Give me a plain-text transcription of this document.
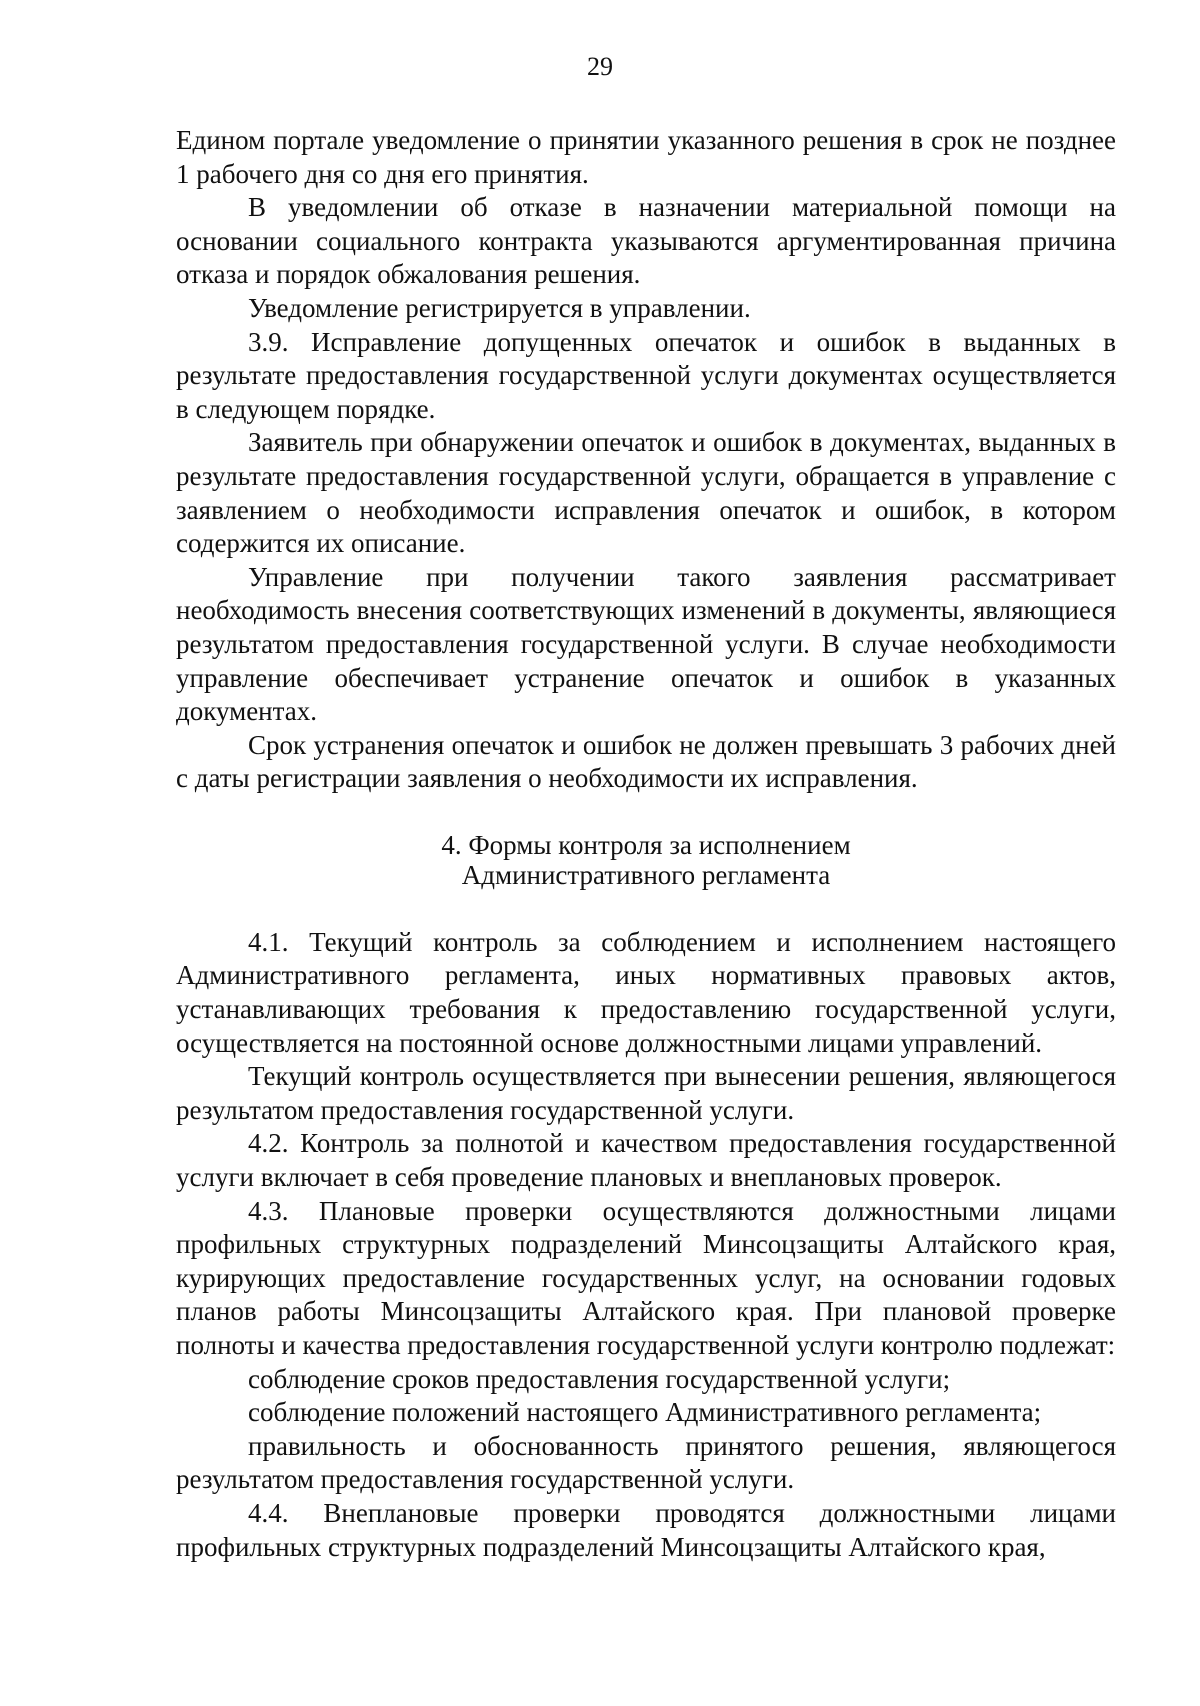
29

Едином портале уведомление о принятии указанного решения в срок не позднее 1 рабочего дня со дня его принятия.

В уведомлении об отказе в назначении материальной помощи на основании социального контракта указываются аргументированная причина отказа и порядок обжалования решения.

Уведомление регистрируется в управлении.

3.9. Исправление допущенных опечаток и ошибок в выданных в результате предоставления государственной услуги документах осуществляется в следующем порядке.

Заявитель при обнаружении опечаток и ошибок в документах, выданных в результате предоставления государственной услуги, обращается в управление с заявлением о необходимости исправления опечаток и ошибок, в котором содержится их описание.

Управление при получении такого заявления рассматривает необходимость внесения соответствующих изменений в документы, являющиеся результатом предоставления государственной услуги. В случае необходимости управление обеспечивает устранение опечаток и ошибок в указанных документах.

Срок устранения опечаток и ошибок не должен превышать 3 рабочих дней с даты регистрации заявления о необходимости их исправления.

4. Формы контроля за исполнением
Административного регламента

4.1. Текущий контроль за соблюдением и исполнением настоящего Административного регламента, иных нормативных правовых актов, устанавливающих требования к предоставлению государственной услуги, осуществляется на постоянной основе должностными лицами управлений.

Текущий контроль осуществляется при вынесении решения, являющегося результатом предоставления государственной услуги.

4.2. Контроль за полнотой и качеством предоставления государственной услуги включает в себя проведение плановых и внеплановых проверок.

4.3. Плановые проверки осуществляются должностными лицами профильных структурных подразделений Минсоцзащиты Алтайского края, курирующих предоставление государственных услуг, на основании годовых планов работы Минсоцзащиты Алтайского края. При плановой проверке полноты и качества предоставления государственной услуги контролю подлежат:

соблюдение сроков предоставления государственной услуги;

соблюдение положений настоящего Административного регламента;

правильность и обоснованность принятого решения, являющегося результатом предоставления государственной услуги.

4.4. Внеплановые проверки проводятся должностными лицами профильных структурных подразделений Минсоцзащиты Алтайского края,
